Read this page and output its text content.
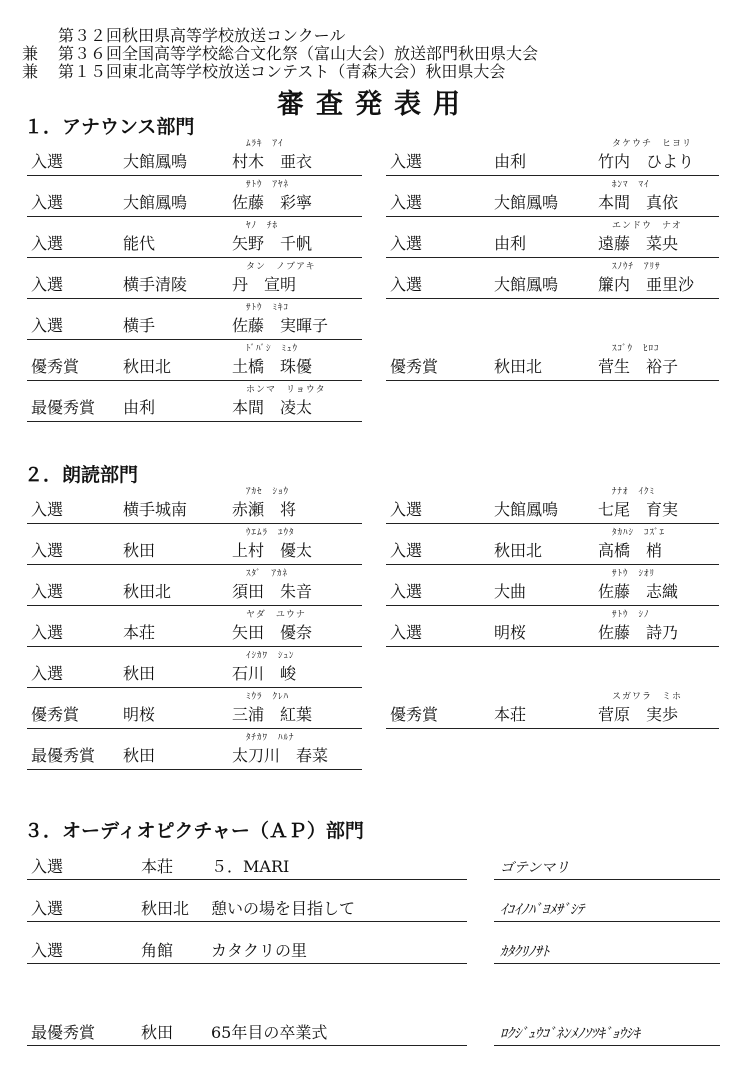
第３２回秋田県高等学校放送コンクール
兼 第３６回全国高等学校総合文化祭（富山大会）放送部門秋田県大会
兼 第１５回東北高等学校放送コンテスト（青森大会）秋田県大会
審査発表用
１．アナウンス部門
２．朗読部門
３．オーディオピクチャー（ＡＰ）部門
入選	大館鳳鳴	村木　亜衣
ﾑﾗｷ　ｱｲ
入選	大館鳳鳴	佐藤　彩寧
ｻﾄｳ　ｱﾔﾈ
入選	能代	矢野　千帆
ﾔﾉ　ﾁﾎ
入選	横手清陵	丹　宣明
タン　ノブアキ
入選	横手	佐藤　実暉子
ｻﾄｳ　ﾐｷｺ
優秀賞	秋田北	土橋　珠優
ﾄﾞﾊﾞｼ　ﾐｭｳ
最優秀賞 由利	本間　凌太
ホンマ　リョウタ
入選	由利	竹内　ひより
タケウチ　ヒヨリ
入選	大館鳳鳴 本間　真依
ﾎﾝﾏ　ﾏｲ
入選	由利	遠藤　菜央
エンドウ　ナオ
入選	大館鳳鳴 簾内　亜里沙
ｽﾉｳﾁ　ｱﾘｻ
優秀賞	秋田北	菅生　裕子
ｽｺﾞｳ　ﾋﾛｺ
入選	横手城南	赤瀬　将
ｱｶｾ　ｼｮｳ
入選	秋田	上村　優太
ｳｴﾑﾗ　ﾕｳﾀ
入選	秋田北	須田　朱音
ｽﾀﾞ　ｱｶﾈ
入選	本荘	矢田　優奈
ヤダ　ユウナ
入選	秋田	石川　峻
ｲｼｶﾜ　ｼｭﾝ
優秀賞	明桜	三浦　紅葉
ﾐｳﾗ　ｸﾚﾊ
最優秀賞 秋田	太刀川　春菜
ﾀﾁｶﾜ　ﾊﾙﾅ
入選	大館鳳鳴 七尾　育実
ﾅﾅｵ　ｲｸﾐ
入選	秋田北	高橋　梢
ﾀｶﾊｼ　ｺｽﾞｴ
入選	大曲	佐藤　志織
ｻﾄｳ　ｼｵﾘ
入選	明桜	佐藤　詩乃
ｻﾄｳ　ｼﾉ
優秀賞	本荘	菅原　実歩
スガワラ　ミホ
入選	本荘 ５．MARI	ゴテンマリ
入選	秋田北 憩いの場を目指して	ｲｺｲﾉﾊﾞﾖﾒｻﾞｼﾃ
入選	角館 カタクリの里	ｶﾀｸﾘﾉｻﾄ
最優秀賞	秋田 65年目の卒業式	ﾛｸｼﾞｭｳｺﾞﾈﾝﾒﾉｿﾂｷﾞｮｳｼｷ
